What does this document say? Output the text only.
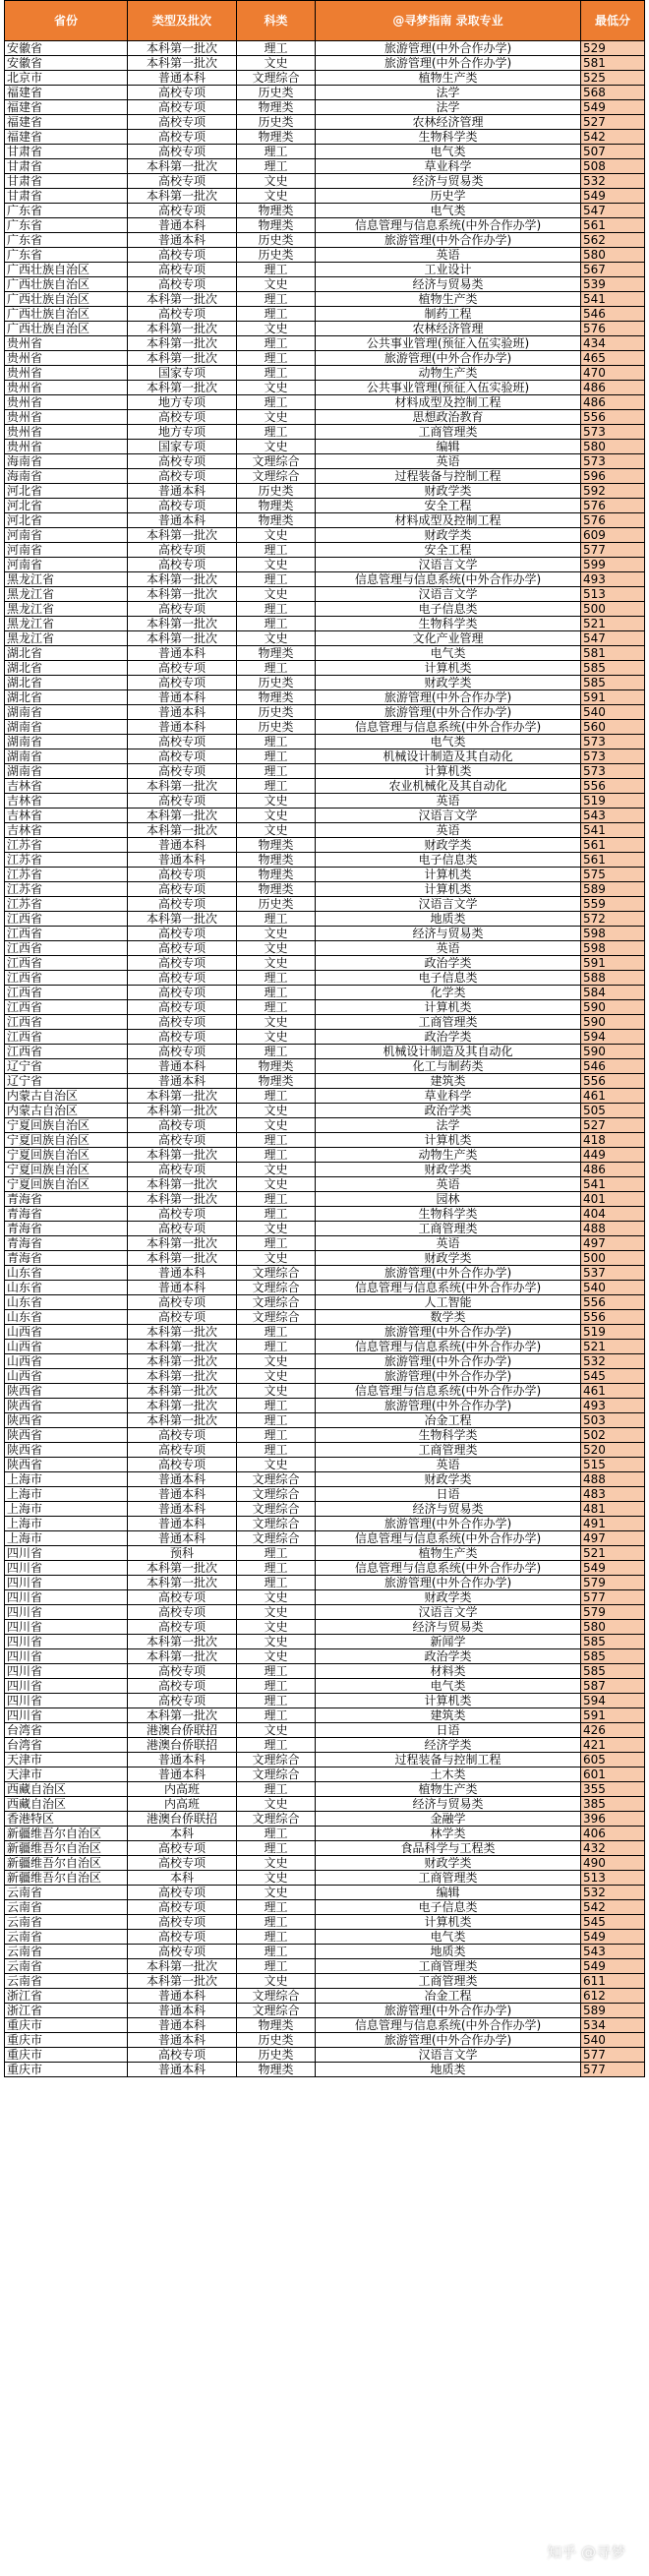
省份	类型及批次	科类	@寻梦指南 录取专业	最低分
安徽省	本科第一批次	理工	旅游管理(中外合作办学)	529
安徽省	本科第一批次	文史	旅游管理(中外合作办学)	581
北京市	普通本科	文理综合	植物生产类	525
福建省	高校专项	历史类	法学	568
福建省	高校专项	物理类	法学	549
福建省	高校专项	历史类	农林经济管理	527
福建省	高校专项	物理类	生物科学类	542
甘肃省	高校专项	理工	电气类	507
甘肃省	本科第一批次	理工	草业科学	508
甘肃省	高校专项	文史	经济与贸易类	532
甘肃省	本科第一批次	文史	历史学	549
广东省	高校专项	物理类	电气类	547
广东省	普通本科	物理类	信息管理与信息系统(中外合作办学)	561
广东省	普通本科	历史类	旅游管理(中外合作办学)	562
广东省	高校专项	历史类	英语	580
广西壮族自治区	高校专项	理工	工业设计	567
广西壮族自治区	高校专项	文史	经济与贸易类	539
广西壮族自治区	本科第一批次	理工	植物生产类	541
广西壮族自治区	高校专项	理工	制药工程	546
广西壮族自治区	本科第一批次	文史	农林经济管理	576
贵州省	本科第一批次	理工	公共事业管理(预征入伍实验班)	434
贵州省	本科第一批次	理工	旅游管理(中外合作办学)	465
贵州省	国家专项	理工	动物生产类	470
贵州省	本科第一批次	文史	公共事业管理(预征入伍实验班)	486
贵州省	地方专项	理工	材料成型及控制工程	486
贵州省	高校专项	文史	思想政治教育	556
贵州省	地方专项	理工	工商管理类	573
贵州省	国家专项	文史	编辑	580
海南省	高校专项	文理综合	英语	573
海南省	高校专项	文理综合	过程装备与控制工程	596
河北省	普通本科	历史类	财政学类	592
河北省	高校专项	物理类	安全工程	576
河北省	普通本科	物理类	材料成型及控制工程	576
河南省	本科第一批次	文史	财政学类	609
河南省	高校专项	理工	安全工程	577
河南省	高校专项	文史	汉语言文学	599
黑龙江省	本科第一批次	理工	信息管理与信息系统(中外合作办学)	493
黑龙江省	本科第一批次	文史	汉语言文学	513
黑龙江省	高校专项	理工	电子信息类	500
黑龙江省	本科第一批次	理工	生物科学类	521
黑龙江省	本科第一批次	文史	文化产业管理	547
湖北省	普通本科	物理类	电气类	581
湖北省	高校专项	理工	计算机类	585
湖北省	高校专项	历史类	财政学类	585
湖北省	普通本科	物理类	旅游管理(中外合作办学)	591
湖南省	普通本科	历史类	旅游管理(中外合作办学)	540
湖南省	普通本科	历史类	信息管理与信息系统(中外合作办学)	560
湖南省	高校专项	理工	电气类	573
湖南省	高校专项	理工	机械设计制造及其自动化	573
湖南省	高校专项	理工	计算机类	573
吉林省	本科第一批次	理工	农业机械化及其自动化	556
吉林省	高校专项	文史	英语	519
吉林省	本科第一批次	文史	汉语言文学	543
吉林省	本科第一批次	文史	英语	541
江苏省	普通本科	物理类	财政学类	561
江苏省	普通本科	物理类	电子信息类	561
江苏省	高校专项	物理类	计算机类	575
江苏省	高校专项	物理类	计算机类	589
江苏省	高校专项	历史类	汉语言文学	559
江西省	本科第一批次	理工	地质类	572
江西省	高校专项	文史	经济与贸易类	598
江西省	高校专项	文史	英语	598
江西省	高校专项	文史	政治学类	591
江西省	高校专项	理工	电子信息类	588
江西省	高校专项	理工	化学类	584
江西省	高校专项	理工	计算机类	590
江西省	高校专项	文史	工商管理类	590
江西省	高校专项	文史	政治学类	594
江西省	高校专项	理工	机械设计制造及其自动化	590
辽宁省	普通本科	物理类	化工与制药类	546
辽宁省	普通本科	物理类	建筑类	556
内蒙古自治区	本科第一批次	理工	草业科学	461
内蒙古自治区	本科第一批次	文史	政治学类	505
宁夏回族自治区	高校专项	文史	法学	527
宁夏回族自治区	高校专项	理工	计算机类	418
宁夏回族自治区	本科第一批次	理工	动物生产类	449
宁夏回族自治区	高校专项	文史	财政学类	486
宁夏回族自治区	本科第一批次	文史	英语	541
青海省	本科第一批次	理工	园林	401
青海省	高校专项	理工	生物科学类	404
青海省	高校专项	文史	工商管理类	488
青海省	本科第一批次	理工	英语	497
青海省	本科第一批次	文史	财政学类	500
山东省	普通本科	文理综合	旅游管理(中外合作办学)	537
山东省	普通本科	文理综合	信息管理与信息系统(中外合作办学)	540
山东省	高校专项	文理综合	人工智能	556
山东省	高校专项	文理综合	数学类	556
山西省	本科第一批次	理工	旅游管理(中外合作办学)	519
山西省	本科第一批次	理工	信息管理与信息系统(中外合作办学)	521
山西省	本科第一批次	文史	旅游管理(中外合作办学)	532
山西省	本科第一批次	文史	旅游管理(中外合作办学)	545
陕西省	本科第一批次	文史	信息管理与信息系统(中外合作办学)	461
陕西省	本科第一批次	理工	旅游管理(中外合作办学)	493
陕西省	本科第一批次	理工	冶金工程	503
陕西省	高校专项	理工	生物科学类	502
陕西省	高校专项	理工	工商管理类	520
陕西省	高校专项	文史	英语	515
上海市	普通本科	文理综合	财政学类	488
上海市	普通本科	文理综合	日语	483
上海市	普通本科	文理综合	经济与贸易类	481
上海市	普通本科	文理综合	旅游管理(中外合作办学)	491
上海市	普通本科	文理综合	信息管理与信息系统(中外合作办学)	497
四川省	预科	理工	植物生产类	521
四川省	本科第一批次	理工	信息管理与信息系统(中外合作办学)	549
四川省	本科第一批次	理工	旅游管理(中外合作办学)	579
四川省	高校专项	文史	财政学类	577
四川省	高校专项	文史	汉语言文学	579
四川省	高校专项	文史	经济与贸易类	580
四川省	本科第一批次	文史	新闻学	585
四川省	本科第一批次	文史	政治学类	585
四川省	高校专项	理工	材料类	585
四川省	高校专项	理工	电气类	587
四川省	高校专项	理工	计算机类	594
四川省	本科第一批次	理工	建筑类	591
台湾省	港澳台侨联招	文史	日语	426
台湾省	港澳台侨联招	理工	经济学类	421
天津市	普通本科	文理综合	过程装备与控制工程	605
天津市	普通本科	文理综合	土木类	601
西藏自治区	内高班	理工	植物生产类	355
西藏自治区	内高班	文史	经济与贸易类	385
香港特区	港澳台侨联招	文理综合	金融学	396
新疆维吾尔自治区	本科	理工	林学类	406
新疆维吾尔自治区	高校专项	理工	食品科学与工程类	432
新疆维吾尔自治区	高校专项	文史	财政学类	490
新疆维吾尔自治区	本科	文史	工商管理类	513
云南省	高校专项	文史	编辑	532
云南省	高校专项	理工	电子信息类	542
云南省	高校专项	理工	计算机类	545
云南省	高校专项	理工	电气类	549
云南省	高校专项	理工	地质类	543
云南省	本科第一批次	理工	工商管理类	549
云南省	本科第一批次	文史	工商管理类	611
浙江省	普通本科	文理综合	冶金工程	612
浙江省	普通本科	文理综合	旅游管理(中外合作办学)	589
重庆市	普通本科	物理类	信息管理与信息系统(中外合作办学)	534
重庆市	普通本科	历史类	旅游管理(中外合作办学)	540
重庆市	高校专项	历史类	汉语言文学	577
重庆市	普通本科	物理类	地质类	577
知乎 @寻梦
